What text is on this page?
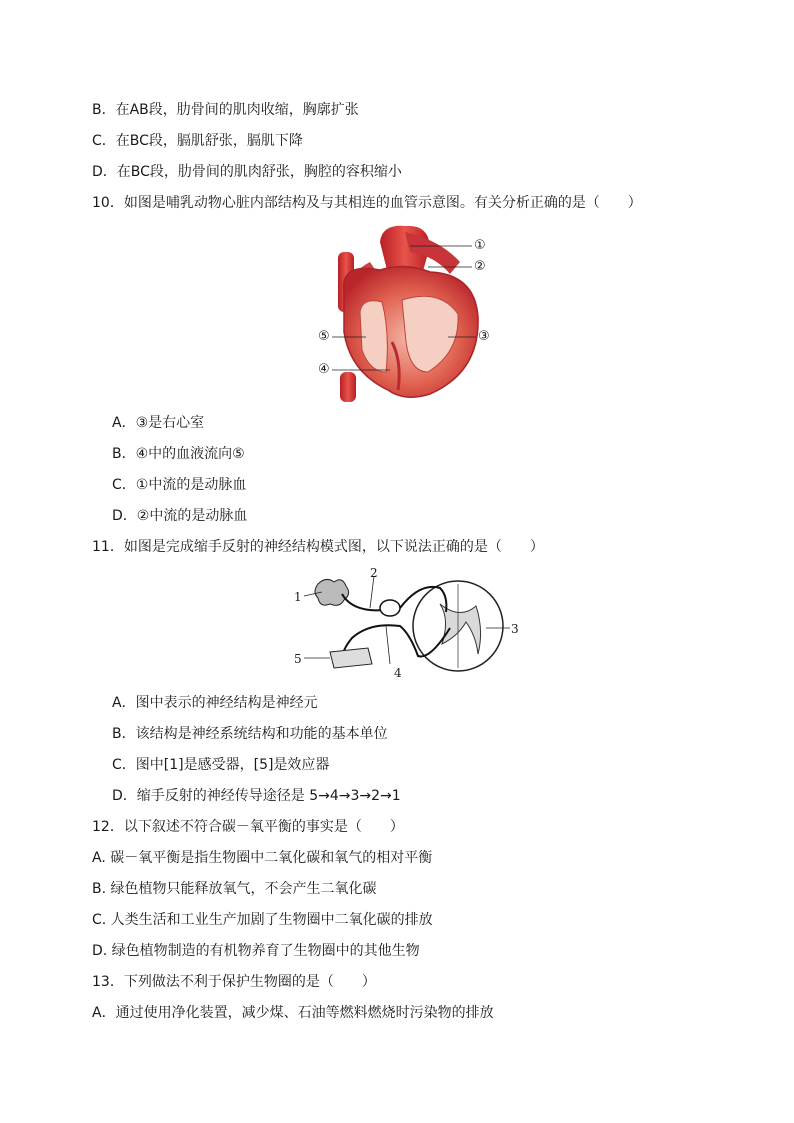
B．在AB段，肋骨间的肌肉收缩，胸廓扩张
C．在BC段，膈肌舒张，膈肌下降
D．在BC段，肋骨间的肌肉舒张，胸腔的容积缩小
10．如图是哺乳动物心脏内部结构及与其相连的血管示意图。有关分析正确的是（　　）
①
②
③
④
⑤
A．③是右心室
B．④中的血液流向⑤
C．①中流的是动脉血
D．②中流的是动脉血
11．如图是完成缩手反射的神经结构模式图，以下说法正确的是（　　）
1
2
3
4
5
A．图中表示的神经结构是神经元
B．该结构是神经系统结构和功能的基本单位
C．图中[1]是感受器，[5]是效应器
D．缩手反射的神经传导途径是 5→4→3→2→1
12．以下叙述不符合碳－氧平衡的事实是（　　）
A. 碳－氧平衡是指生物圈中二氧化碳和氧气的相对平衡
B. 绿色植物只能释放氧气，不会产生二氧化碳
C. 人类生活和工业生产加剧了生物圈中二氧化碳的排放
D. 绿色植物制造的有机物养育了生物圈中的其他生物
13．下列做法不利于保护生物圈的是（　　）
A．通过使用净化装置，减少煤、石油等燃料燃烧时污染物的排放
